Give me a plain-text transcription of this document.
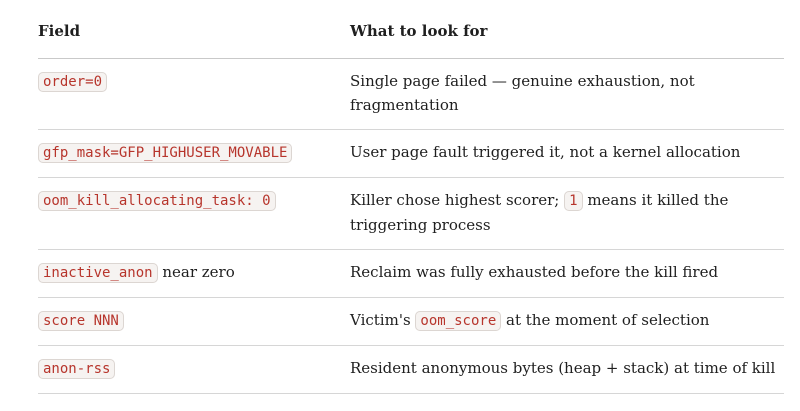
Field	What to look for
order=0	Single page failed — genuine exhaustion, not fragmentation
gfp_mask=GFP_HIGHUSER_MOVABLE	User page fault triggered it, not a kernel allocation
oom_kill_allocating_task: 0	Killer chose highest scorer; 1 means it killed the triggering process
inactive_anon near zero	Reclaim was fully exhausted before the kill fired
score NNN	Victim's oom_score at the moment of selection
anon-rss	Resident anonymous bytes (heap + stack) at time of kill
